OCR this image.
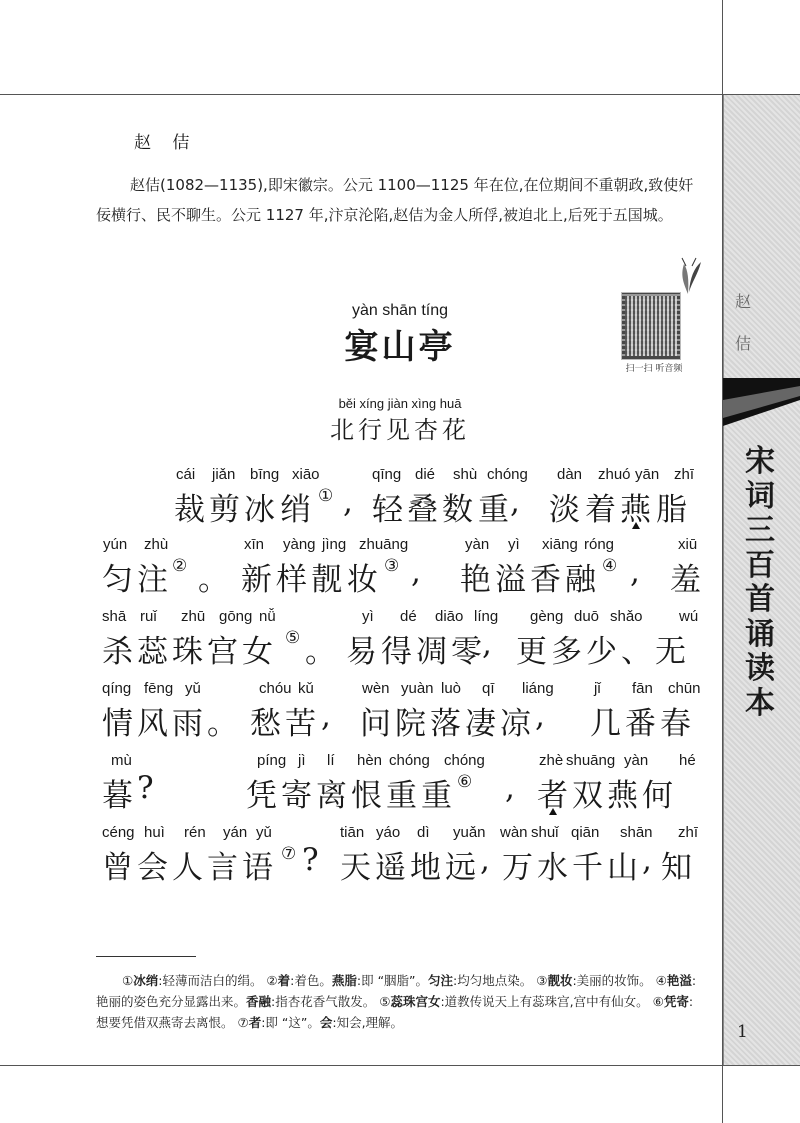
赵
佶
宋
词
三
百
首
诵
读
本
1
赵 佶
赵佶(1082—1135),即宋徽宗。公元 1100—1125 年在位,在位期间不重朝政,致使奸佞横行、民不聊生。公元 1127 年,汴京沦陷,赵佶为金人所俘,被迫北上,后死于五国城。
yàn shān tíng
宴山亭
běi xíng jiàn xìng huā
北行见杏花
扫一扫 听音频
cái jiǎn bīng xiāo	qīng dié shù chóng dàn zhuó yān zhī
裁 剪 冰 绡 ① , 轻 叠 数 重 , 淡 着 燕 脂
yún zhù	xīn yàng jìng zhuāng	yàn yì xiāng róng	xiū
匀 注 ② 。 新 样 靓 妆 ③ , 艳 溢 香 融 ④ , 羞
shā ruǐ zhū gōng nǚ	yì dé diāo líng gèng duō shǎo wú
杀 蕊 珠 宫 女 ⑤ 。 易 得 凋 零 , 更 多 少 、 无
qíng fēng yǔ	chóu kǔ	wèn yuàn luò qī liáng	jǐ fān chūn
情 风 雨 。 愁 苦 , 问 院 落 凄 凉 , 几 番 春
mù	píng jì lí hèn chóng chóng	zhè shuāng yàn hé
暮 ?	凭 寄 离 恨 重 重 ⑥ , 者 双 燕 何
céng huì rén yán yǔ	tiān yáo dì yuǎn wàn shuǐ qiān shān zhī
曾 会 人 言 语 ⑦ ? 天 遥 地 远 , 万 水 千 山 , 知
①冰绡:轻薄而洁白的绢。 ②着:着色。燕脂:即 “胭脂”。匀注:均匀地点染。 ③靓妆:美丽的妆饰。 ④艳溢:艳丽的姿色充分显露出来。香融:指杏花香气散发。 ⑤蕊珠宫女:道教传说天上有蕊珠宫,宫中有仙女。 ⑥凭寄:想要凭借双燕寄去离恨。 ⑦者:即 “这”。会:知会,理解。
